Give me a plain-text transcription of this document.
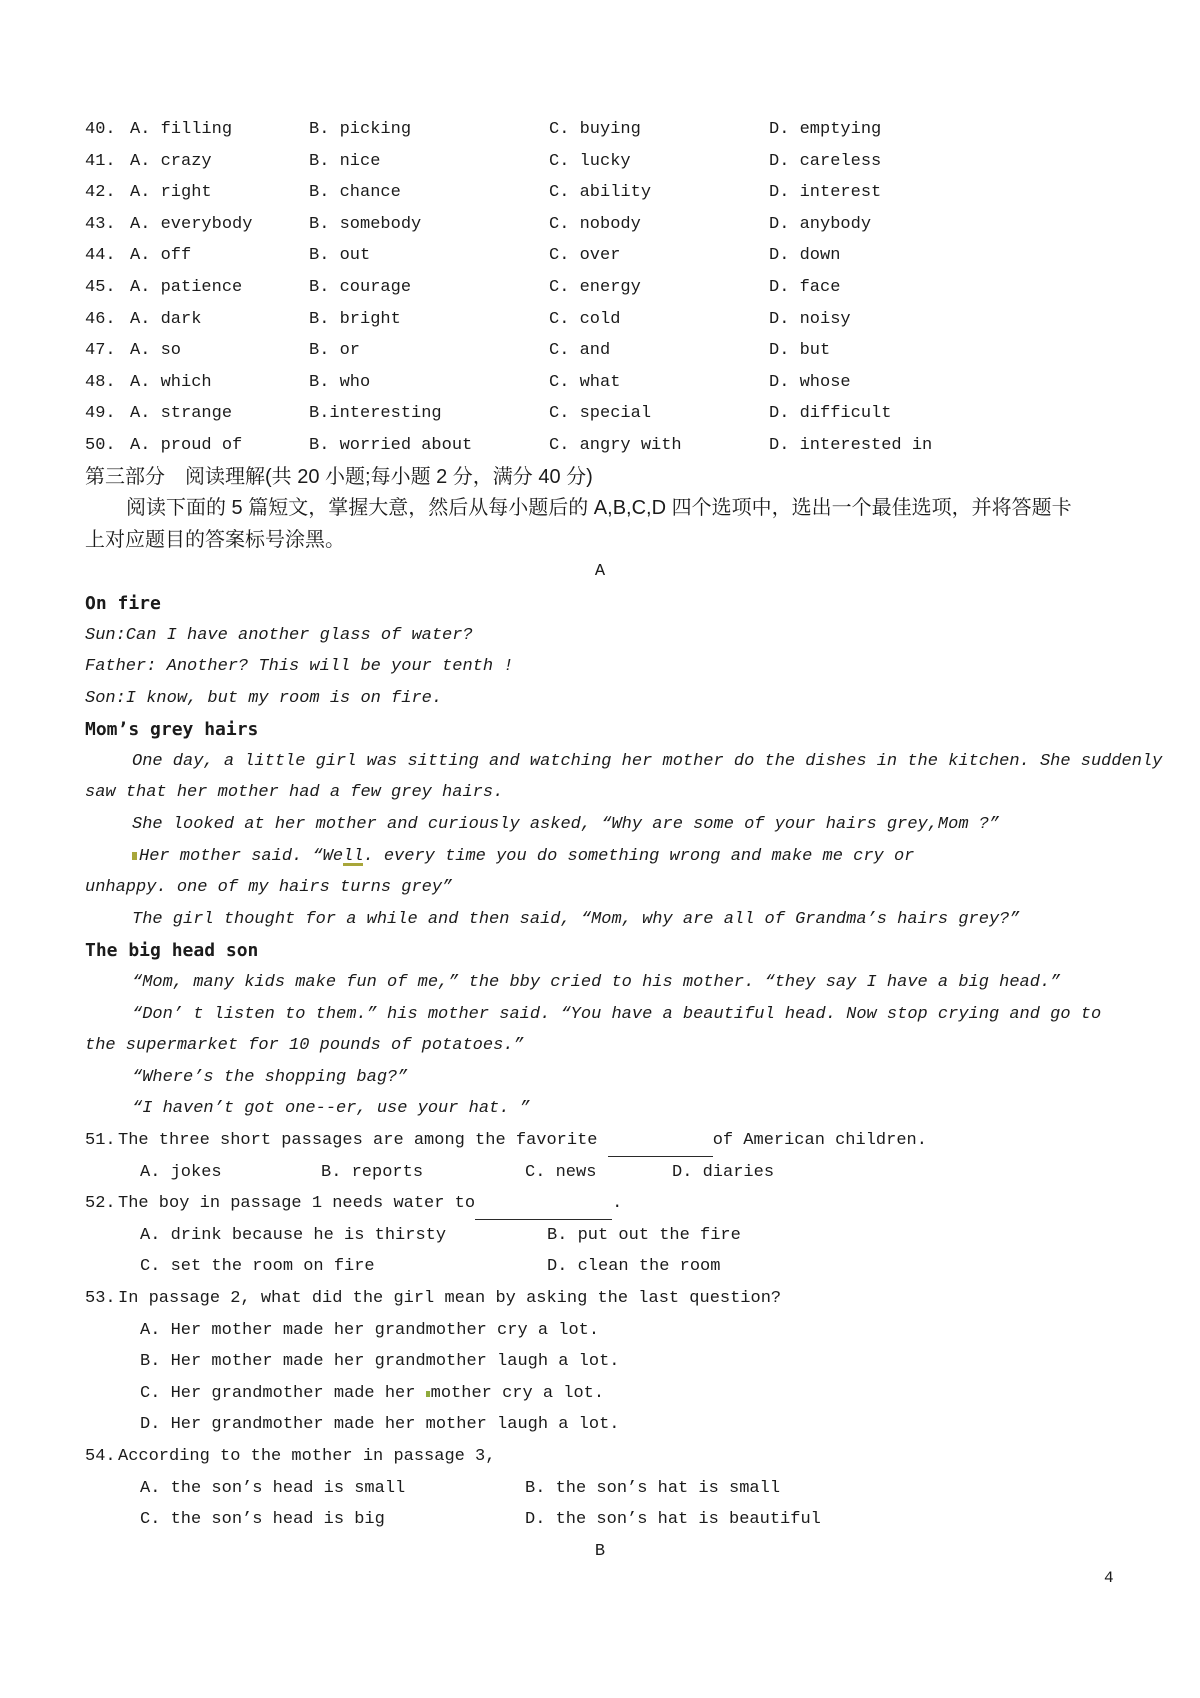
40. A. filling	B. picking	C. buying	D. emptying
41. A. crazy	B. nice	C. lucky	D. careless
42. A. right	B. chance	C. ability	D. interest
43. A. everybody	B. somebody	C. nobody	D. anybody
44. A. off	B. out	C. over	D. down
45. A. patience	B. courage	C. energy	D. face
46. A. dark	B. bright	C. cold	D. noisy
47. A. so	B. or	C. and	D. but
48. A. which	B. who	C. what	D. whose
49. A. strange	B.interesting	C. special	D. difficult
50. A. proud of	B. worried about	C. angry with	D. interested in
第三部分　阅读理解(共 20 小题;每小题 2 分，满分 40 分)
阅读下面的 5 篇短文，掌握大意，然后从每小题后的 A,B,C,D 四个选项中，选出一个最佳选项，并将答题卡
上对应题目的答案标号涂黑。
A
On fire
Sun:Can I have another glass of water?
Father: Another? This will be your tenth !
Son:I know, but my room is on fire.
Mom’s grey hairs
One day, a little girl was sitting and watching her mother do the dishes in the kitchen. She suddenly
saw that her mother had a few grey hairs.
She looked at her mother and curiously asked, “Why are some of your hairs grey,Mom ?”
Her mother said. “Well. every time you do something wrong and make me cry or
unhappy. one of my hairs turns grey”
The girl thought for a while and then said, “Mom, why are all of Grandma’s hairs grey?”
The big head son
“Mom, many kids make fun of me,” the bby cried to his mother. “they say I have a big head.”
“Don’ t listen to them.” his mother said. “You have a beautiful head. Now stop crying and go to
the supermarket for 10 pounds of potatoes.”
“Where’s the shopping bag?”
“I haven’t got one--er, use your hat. ”
51. The three short passages are among the favorite	of American children.
A. jokes	B. reports	C. news	D. diaries
52. The boy in passage 1 needs water to	.
A. drink because he is thirsty	B. put out the fire
C. set the room on fire	D. clean the room
53. In passage 2, what did the girl mean by asking the last question?
A. Her mother made her grandmother cry a lot.
B. Her mother made her grandmother laugh a lot.
C. Her grandmother made her mother cry a lot.
D. Her grandmother made her mother laugh a lot.
54. According to the mother in passage 3,
A. the son’s head is small	B. the son’s hat is small
C. the son’s head is big	D. the son’s hat is beautiful
B
4
